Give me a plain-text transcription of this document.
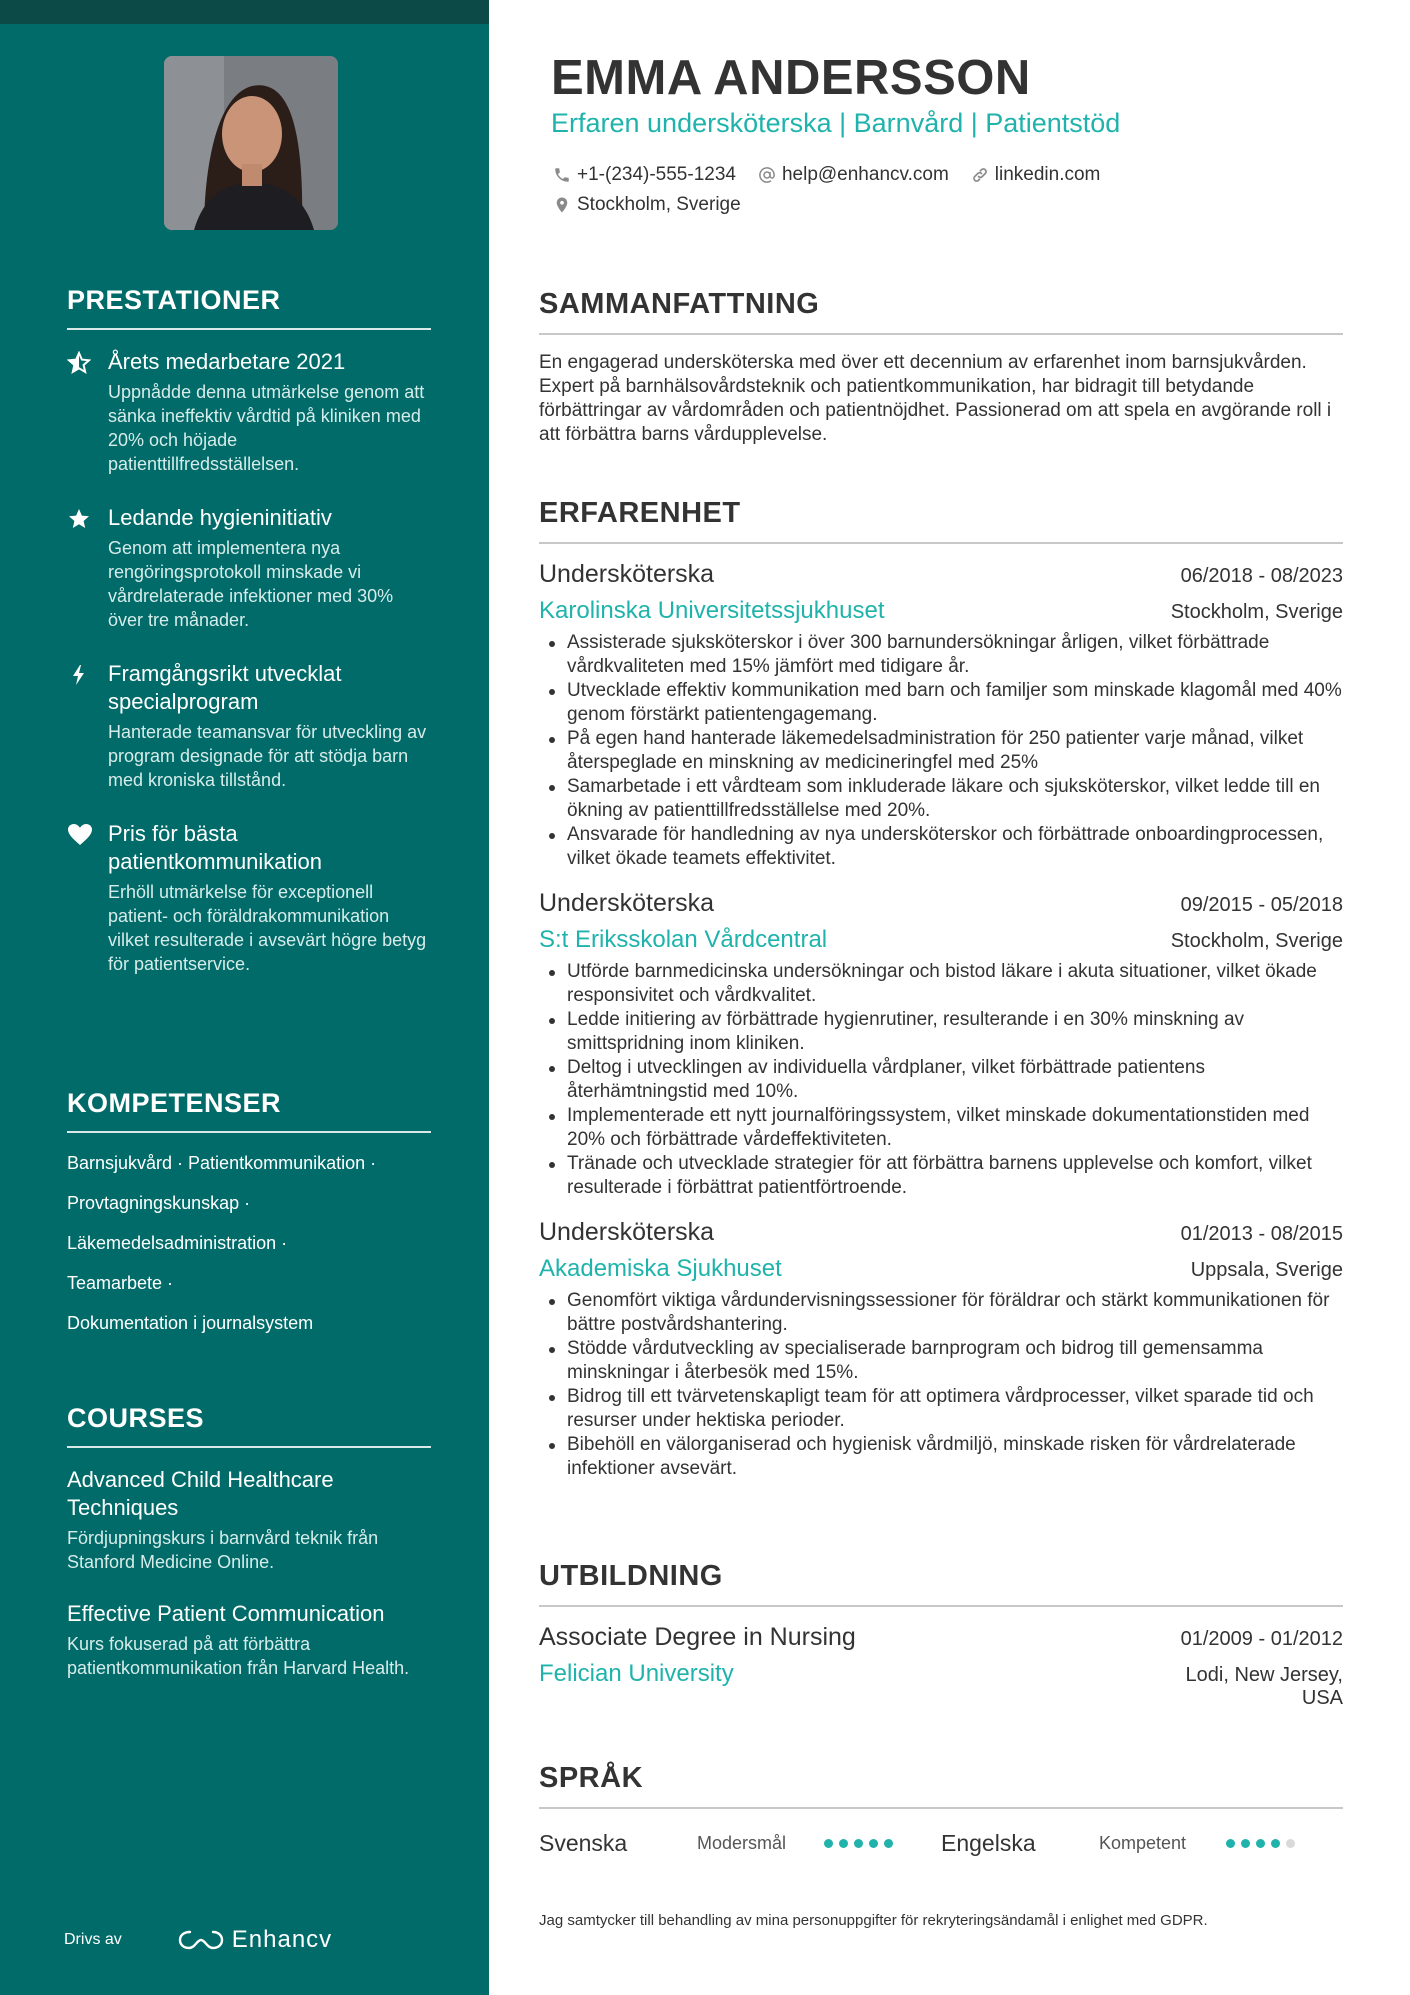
PRESTATIONER
Årets medarbetare 2021
Uppnådde denna utmärkelse genom att sänka ineffektiv vårdtid på kliniken med 20% och höjade patienttillfredsställelsen.
Ledande hygieninitiativ
Genom att implementera nya rengöringsprotokoll minskade vi vårdrelaterade infektioner med 30% över tre månader.
Framgångsrikt utvecklat specialprogram
Hanterade teamansvar för utveckling av program designade för att stödja barn med kroniska tillstånd.
Pris för bästa patientkommunikation
Erhöll utmärkelse för exceptionell patient- och föräldrakommunikation vilket resulterade i avsevärt högre betyg för patientservice.
KOMPETENSER
Barnsjukvård · Patientkommunikation ·
Provtagningskunskap ·
Läkemedelsadministration ·
Teamarbete ·
Dokumentation i journalsystem
COURSES
Advanced Child Healthcare Techniques
Fördjupningskurs i barnvård teknik från Stanford Medicine Online.
Effective Patient Communication
Kurs fokuserad på att förbättra patientkommunikation från Harvard Health.
Drivs av	Enhancv
EMMA ANDERSSON
Erfaren undersköterska | Barnvård | Patientstöd
+1-(234)-555-1234 help@enhancv.com linkedin.com
Stockholm, Sverige
SAMMANFATTNING

En engagerad undersköterska med över ett decennium av erfarenhet inom barnsjukvården. Expert på barnhälsovårdsteknik och patientkommunikation, har bidragit till betydande förbättringar av vårdområden och patientnöjdhet. Passionerad om att spela en avgörande roll i att förbättra barns vårdupplevelse.

ERFARENHET
Undersköterska	06/2018 - 08/2023
Karolinska Universitetssjukhuset	Stockholm, Sverige
Assisterade sjuksköterskor i över 300 barnundersökningar årligen, vilket förbättrade vårdkvaliteten med 15% jämfört med tidigare år.
Utvecklade effektiv kommunikation med barn och familjer som minskade klagomål med 40% genom förstärkt patientengagemang.
På egen hand hanterade läkemedelsadministration för 250 patienter varje månad, vilket återspeglade en minskning av medicineringfel med 25%
Samarbetade i ett vårdteam som inkluderade läkare och sjuksköterskor, vilket ledde till en ökning av patienttillfredsställelse med 20%.
Ansvarade för handledning av nya undersköterskor och förbättrade onboardingprocessen, vilket ökade teamets effektivitet.
Undersköterska	09/2015 - 05/2018
S:t Eriksskolan Vårdcentral	Stockholm, Sverige
Utförde barnmedicinska undersökningar och bistod läkare i akuta situationer, vilket ökade responsivitet och vårdkvalitet.
Ledde initiering av förbättrade hygienrutiner, resulterande i en 30% minskning av smittspridning inom kliniken.
Deltog i utvecklingen av individuella vårdplaner, vilket förbättrade patientens återhämtningstid med 10%.
Implementerade ett nytt journalföringssystem, vilket minskade dokumentationstiden med 20% och förbättrade vårdeffektiviteten.
Tränade och utvecklade strategier för att förbättra barnens upplevelse och komfort, vilket resulterade i förbättrat patientförtroende.
Undersköterska	01/2013 - 08/2015
Akademiska Sjukhuset	Uppsala, Sverige
Genomfört viktiga vårdundervisningssessioner för föräldrar och stärkt kommunikationen för bättre postvårdshantering.
Stödde vårdutveckling av specialiserade barnprogram och bidrog till gemensamma minskningar i återbesök med 15%.
Bidrog till ett tvärvetenskapligt team för att optimera vårdprocesser, vilket sparade tid och resurser under hektiska perioder.
Bibehöll en välorganiserad och hygienisk vårdmiljö, minskade risken för vårdrelaterade infektioner avsevärt.
UTBILDNING
Associate Degree in Nursing	01/2009 - 01/2012
Felician University	Lodi, New Jersey, USA
SPRÅK
Svenska	Modersmål	Engelska	Kompetent

Jag samtycker till behandling av mina personuppgifter för rekryteringsändamål i enlighet med GDPR.
